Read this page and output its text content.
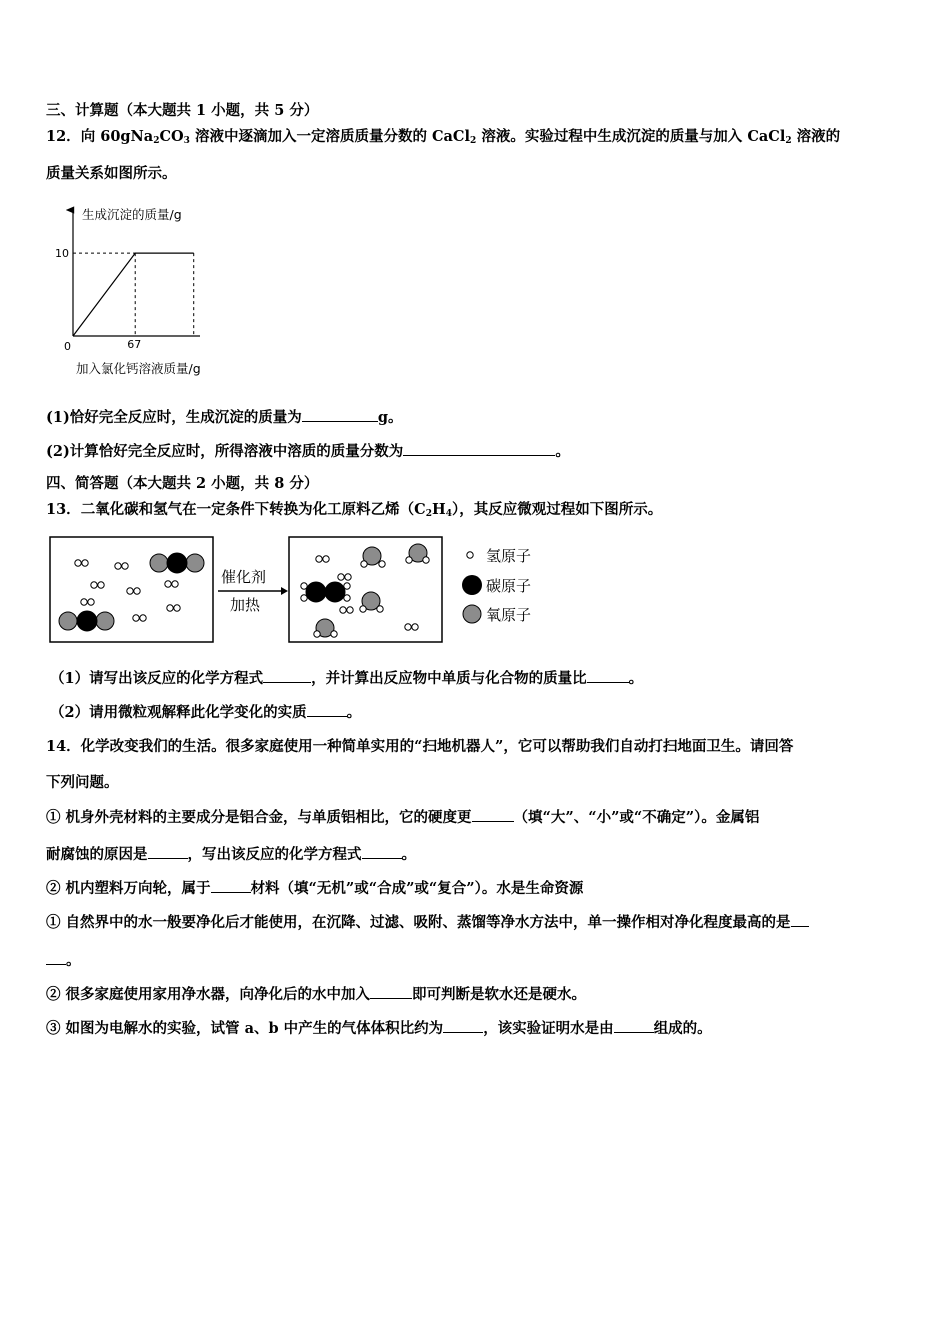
三、计算题（本大题共 1 小题，共 5 分）
12．向 $60gNa_2CO_3$ 溶液中逐滴加入一定溶质质量分数的 CaCl$_2$ 溶液。实验过程中生成沉淀的质量与加入 CaCl$_2$ 溶液的
质量关系如图所示。
生成沉淀的质量/g
加入氯化钙溶液质量/g
0	67
10
(1)恰好完全反应时，生成沉淀的质量为	g。
(2)计算恰好完全反应时，所得溶液中溶质的质量分数为	。
四、简答题（本大题共 2 小题，共 8 分）
13．二氧化碳和氢气在一定条件下转换为化工原料乙烯$(C_2H_4)$，其反应微观过程如下图所示。
催化剂
加热
氢原子
碳原子
氧原子
（1）请写出该反应的化学方程式	，并计算出反应物中单质与化合物的质量比	。
（2）请用微粒观解释此化学变化的实质	。
14．化学改变我们的生活。很多家庭使用一种简单实用的“扫地机器人”，它可以帮助我们自动打扫地面卫生。请回答
下列问题。
① 机身外壳材料的主要成分是铝合金，与单质铝相比，它的硬度更	（填“大”、“小”或“不确定”）。金属铝
耐腐蚀的原因是	，写出该反应的化学方程式	。
② 机内塑料万向轮，属于	材料（填“无机”或“合成”或“复合”）。水是生命资源
① 自然界中的水一般要净化后才能使用，在沉降、过滤、吸附、蒸馏等净水方法中，单一操作相对净化程度最高的是
。
② 很多家庭使用家用净水器，向净化后的水中加入	即可判断是软水还是硬水。
③ 如图为电解水的实验，试管 a、b 中产生的气体体积比约为	，该实验证明水是由	组成的。
